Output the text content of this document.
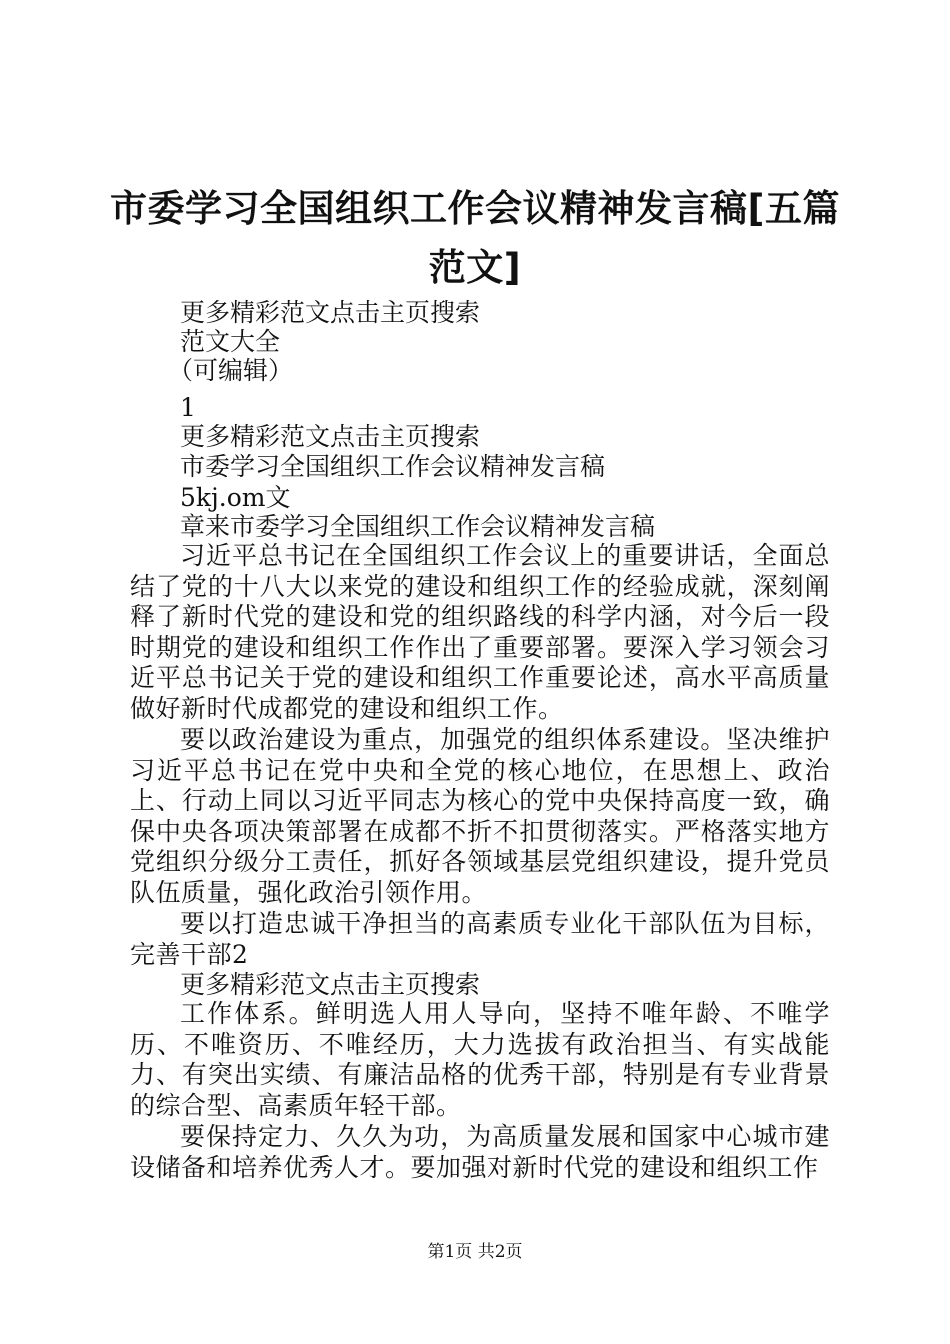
市委学习全国组织工作会议精神发言稿[五篇
范文]
更多精彩范文点击主页搜索
范文大全
（可编辑）
1
更多精彩范文点击主页搜索
市委学习全国组织工作会议精神发言稿
5kj.om文
章来市委学习全国组织工作会议精神发言稿

习近平总书记在全国组织工作会议上的重要讲话，全面总结了党的十八大以来党的建设和组织工作的经验成就，深刻阐释了新时代党的建设和党的组织路线的科学内涵，对今后一段时期党的建设和组织工作作出了重要部署。要深入学习领会习近平总书记关于党的建设和组织工作重要论述，高水平高质量做好新时代成都党的建设和组织工作。

要以政治建设为重点，加强党的组织体系建设。坚决维护习近平总书记在党中央和全党的核心地位，在思想上、政治上、行动上同以习近平同志为核心的党中央保持高度一致，确保中央各项决策部署在成都不折不扣贯彻落实。严格落实地方党组织分级分工责任，抓好各领域基层党组织建设，提升党员队伍质量，强化政治引领作用。

要以打造忠诚干净担当的高素质专业化干部队伍为目标，完善干部2

更多精彩范文点击主页搜索

工作体系。鲜明选人用人导向，坚持不唯年龄、不唯学历、不唯资历、不唯经历，大力选拔有政治担当、有实战能力、有突出实绩、有廉洁品格的优秀干部，特别是有专业背景的综合型、高素质年轻干部。

要保持定力、久久为功，为高质量发展和国家中心城市建设储备和培养优秀人才。要加强对新时代党的建设和组织工作

第1页 共2页
